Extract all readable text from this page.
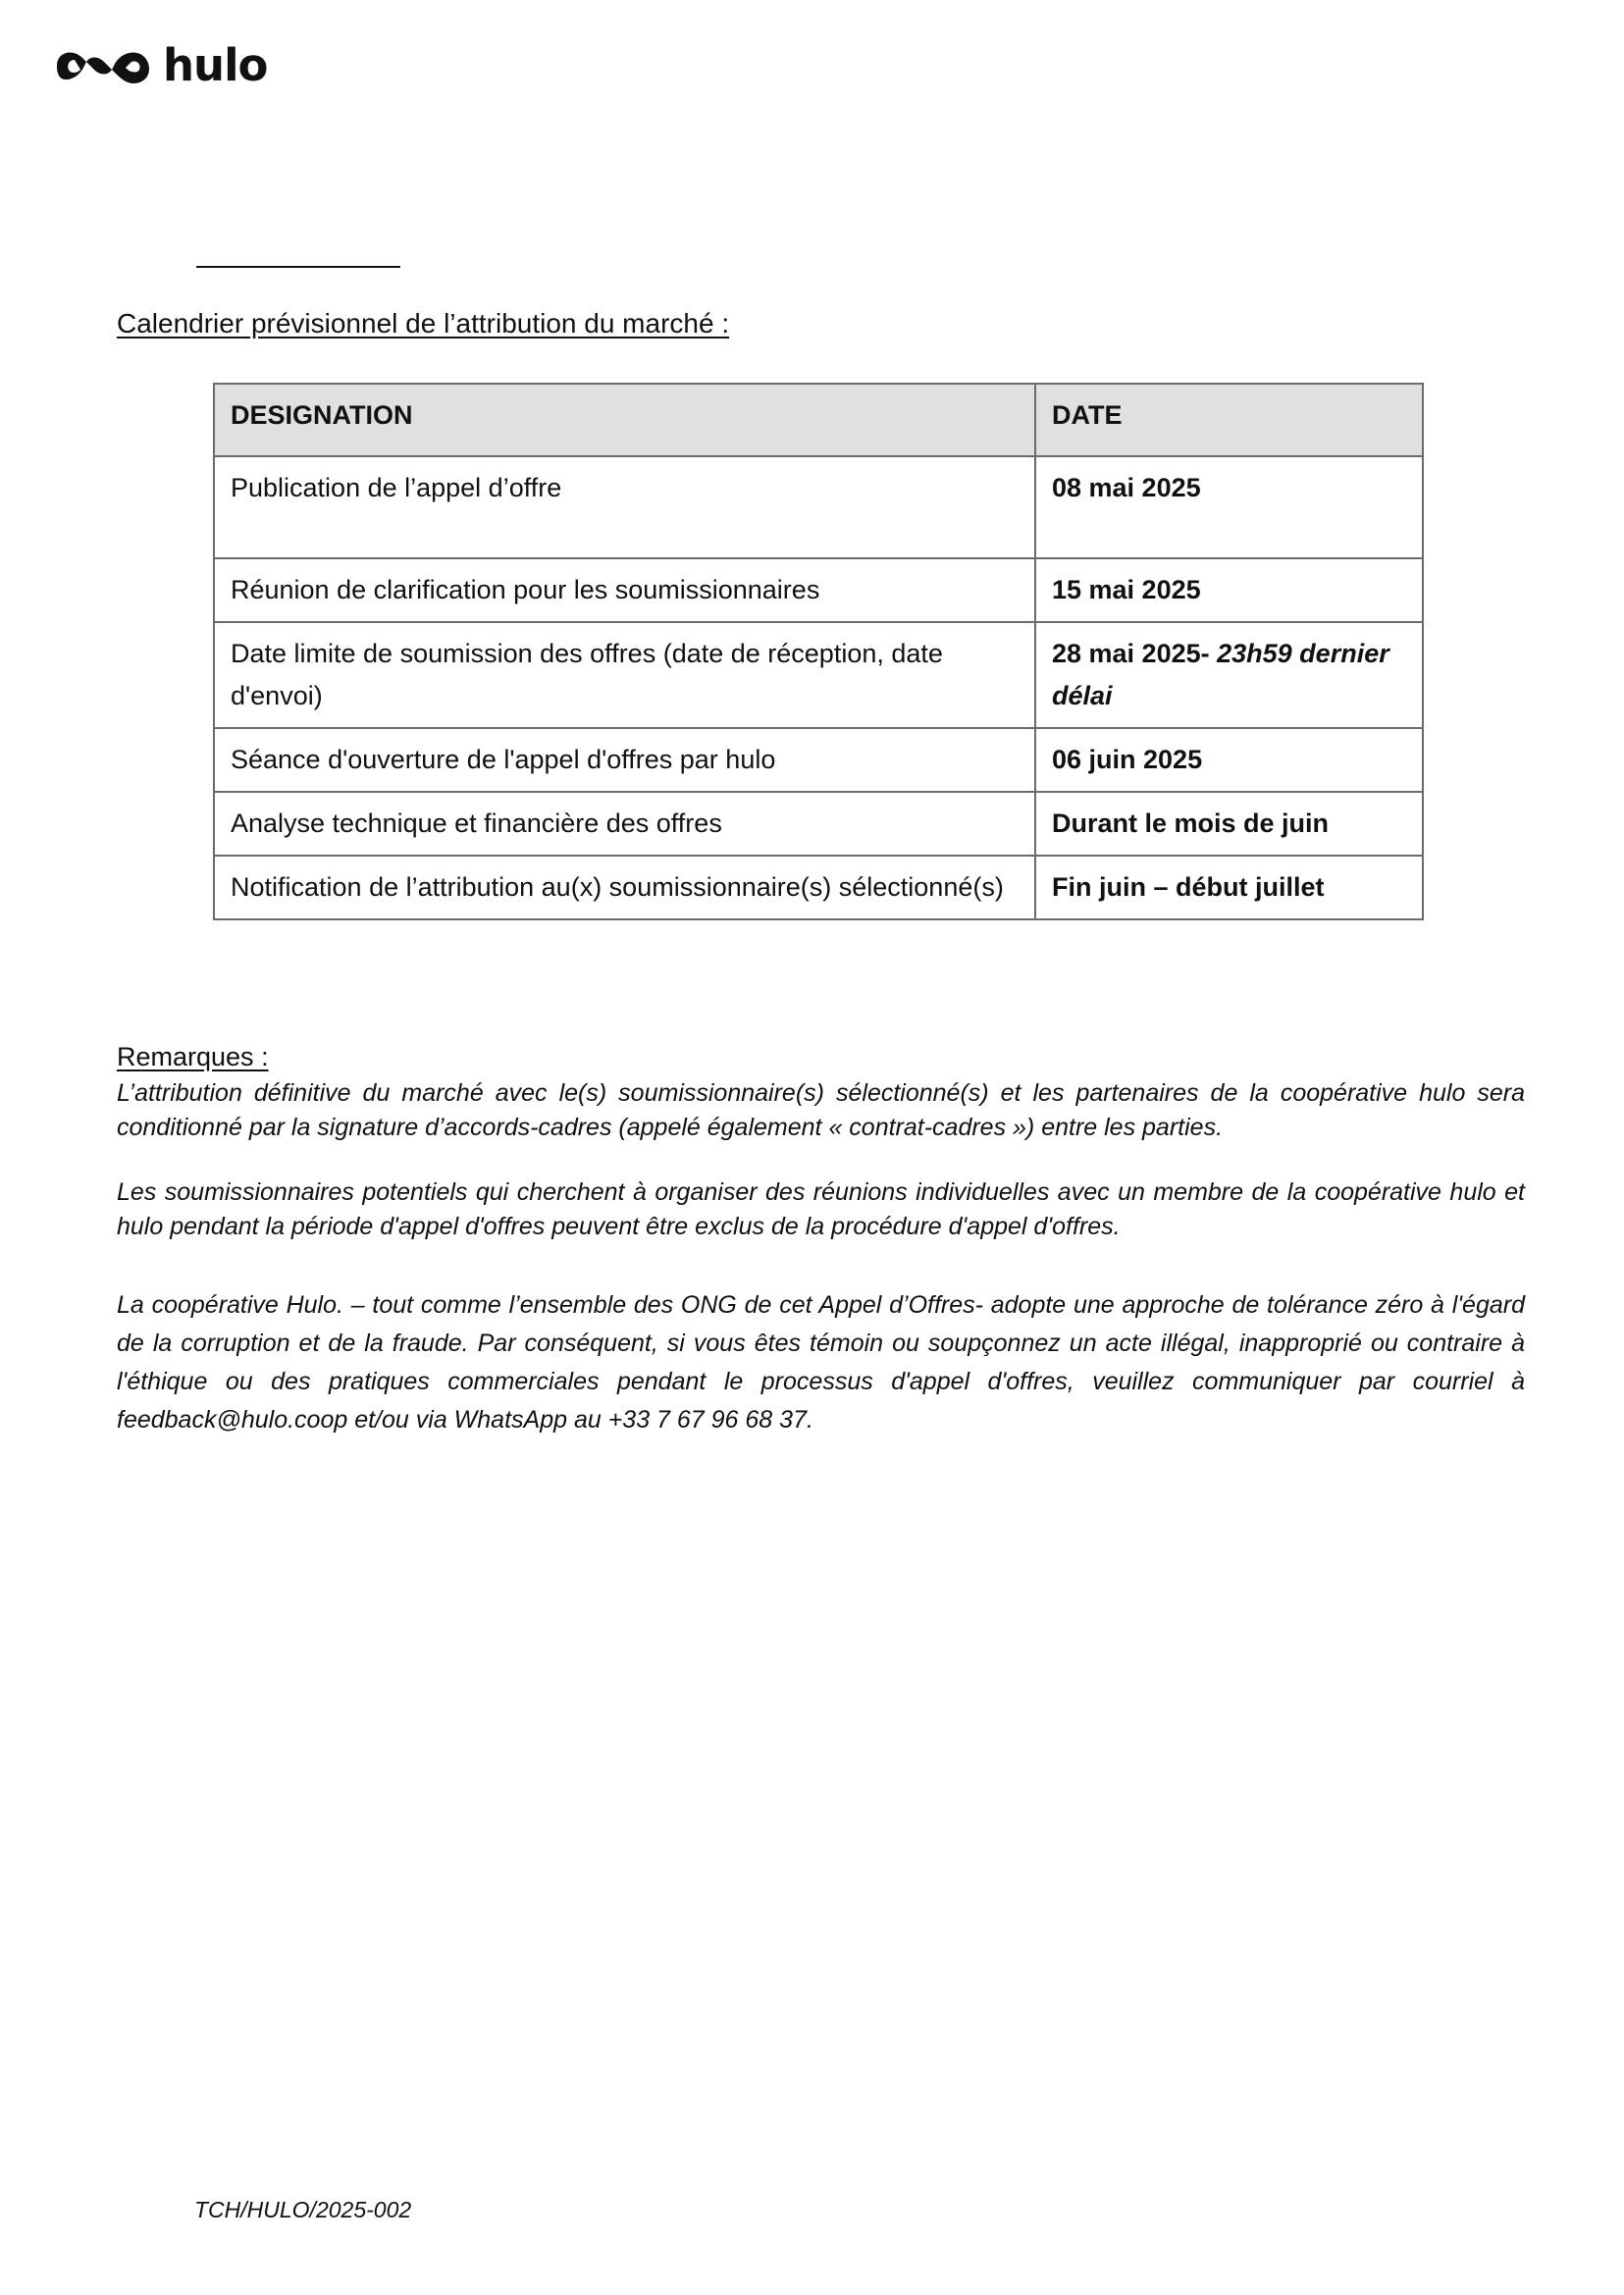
hulo
Calendrier prévisionnel de l’attribution du marché :
DESIGNATION	DATE
Publication de l’appel d’offre	08 mai 2025
Réunion de clarification pour les soumissionnaires	15 mai 2025
Date limite de soumission des offres (date de réception, date d'envoi)	28 mai 2025- 23h59 dernier délai
Séance d'ouverture de l'appel d'offres par hulo	06 juin 2025
Analyse technique et financière des offres	Durant le mois de juin
Notification de l’attribution au(x) soumissionnaire(s) sélectionné(s)	Fin juin – début juillet
Remarques :

L’attribution définitive du marché avec le(s) soumissionnaire(s) sélectionné(s) et les partenaires de la coopérative hulo sera conditionné par la signature d’accords-cadres (appelé également « contrat-cadres ») entre les parties.

Les soumissionnaires potentiels qui cherchent à organiser des réunions individuelles avec un membre de la coopérative hulo et hulo pendant la période d'appel d'offres peuvent être exclus de la procédure d'appel d'offres.

La coopérative Hulo. – tout comme l’ensemble des ONG de cet Appel d’Offres- adopte une approche de tolérance zéro à l'égard de la corruption et de la fraude. Par conséquent, si vous êtes témoin ou soupçonnez un acte illégal, inapproprié ou contraire à l'éthique ou des pratiques commerciales pendant le processus d'appel d'offres, veuillez communiquer par courriel à feedback@hulo.coop et/ou via WhatsApp au +33 7 67 96 68 37.

TCH/HULO/2025-002
